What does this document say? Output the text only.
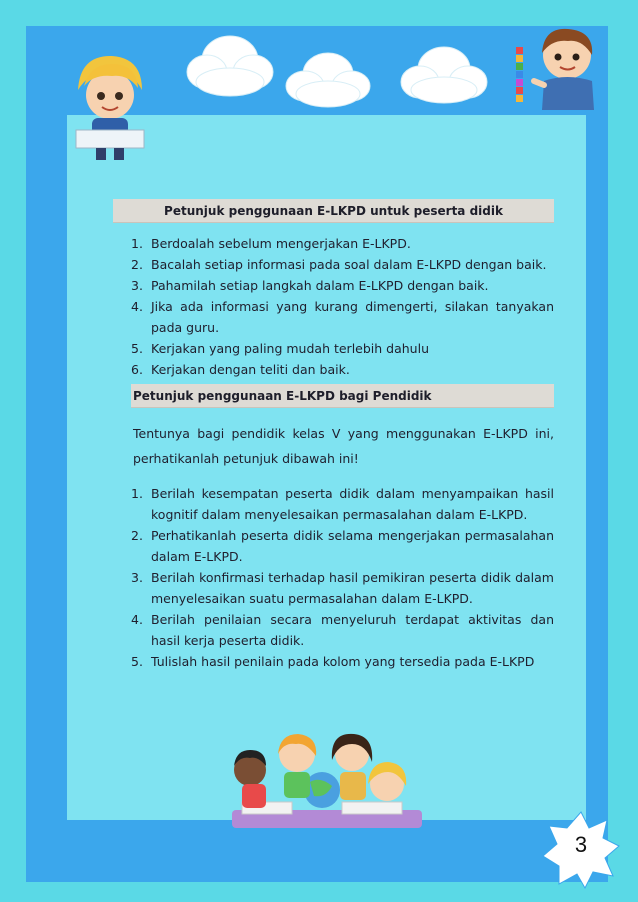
Petunjuk penggunaan E-LKPD untuk peserta didik
1. Berdoalah sebelum mengerjakan E-LKPD.
2. Bacalah setiap informasi pada soal dalam E-LKPD dengan baik.
3. Pahamilah setiap langkah dalam E-LKPD dengan baik.
4. Jika ada informasi yang kurang dimengerti, silakan tanyakan pada guru.
5. Kerjakan yang paling mudah terlebih dahulu
6. Kerjakan dengan teliti dan baik.
Petunjuk penggunaan E-LKPD bagi Pendidik

Tentunya bagi pendidik kelas V yang menggunakan E-LKPD ini, perhatikanlah petunjuk dibawah ini!

1. Berilah kesempatan peserta didik dalam menyampaikan hasil kognitif dalam menyelesaikan permasalahan dalam E-LKPD.
2. Perhatikanlah peserta didik selama mengerjakan permasalahan dalam E-LKPD.
3. Berilah konfirmasi terhadap hasil pemikiran peserta didik dalam menyelesaikan suatu permasalahan dalam E-LKPD.
4. Berilah penilaian secara menyeluruh terdapat aktivitas dan hasil kerja peserta didik.
5. Tulislah hasil penilain pada kolom yang tersedia pada E-LKPD
3
